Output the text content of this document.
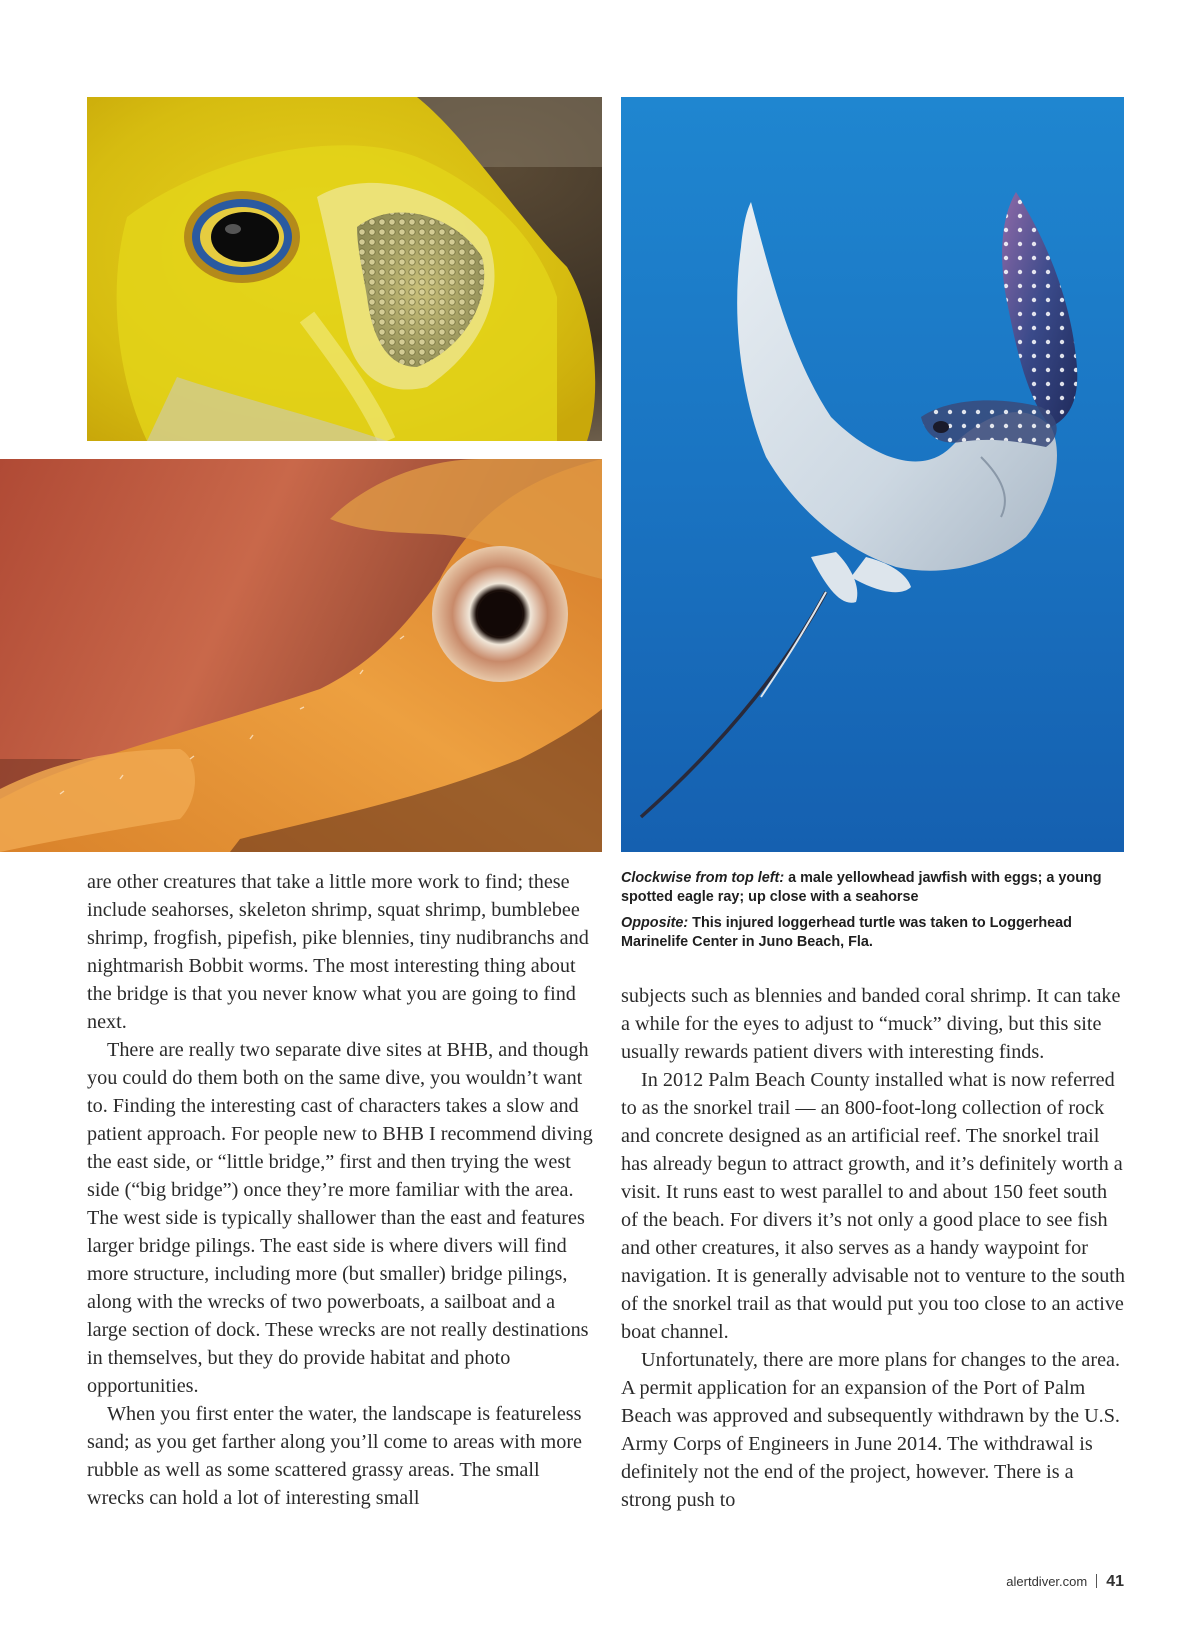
Clockwise from top left: a male yellowhead jawfish with eggs; a young spotted eagle ray; up close with a seahorse

Opposite: This injured loggerhead turtle was taken to Loggerhead Marinelife Center in Juno Beach, Fla.

are other creatures that take a little more work to find; these include seahorses, skeleton shrimp, squat shrimp, bumblebee shrimp, frogfish, pipefish, pike blennies, tiny nudibranchs and nightmarish Bobbit worms. The most interesting thing about the bridge is that you never know what you are going to find next.

There are really two separate dive sites at BHB, and though you could do them both on the same dive, you wouldn’t want to. Finding the interesting cast of characters takes a slow and patient approach. For people new to BHB I recommend diving the east side, or “little bridge,” first and then trying the west side (“big bridge”) once they’re more familiar with the area. The west side is typically shallower than the east and features larger bridge pilings. The east side is where divers will find more structure, including more (but smaller) bridge pilings, along with the wrecks of two powerboats, a sailboat and a large section of dock. These wrecks are not really destinations in themselves, but they do provide habitat and photo opportunities.

When you first enter the water, the landscape is featureless sand; as you get farther along you’ll come to areas with more rubble as well as some scattered grassy areas. The small wrecks can hold a lot of interesting small

subjects such as blennies and banded coral shrimp. It can take a while for the eyes to adjust to “muck” diving, but this site usually rewards patient divers with interesting finds.

In 2012 Palm Beach County installed what is now referred to as the snorkel trail — an 800-foot-long collection of rock and concrete designed as an artificial reef. The snorkel trail has already begun to attract growth, and it’s definitely worth a visit. It runs east to west parallel to and about 150 feet south of the beach. For divers it’s not only a good place to see fish and other creatures, it also serves as a handy waypoint for navigation. It is generally advisable not to venture to the south of the snorkel trail as that would put you too close to an active boat channel.

Unfortunately, there are more plans for changes to the area. A permit application for an expansion of the Port of Palm Beach was approved and subsequently withdrawn by the U.S. Army Corps of Engineers in June 2014. The withdrawal is definitely not the end of the project, however. There is a strong push to

alertdiver.com 41
